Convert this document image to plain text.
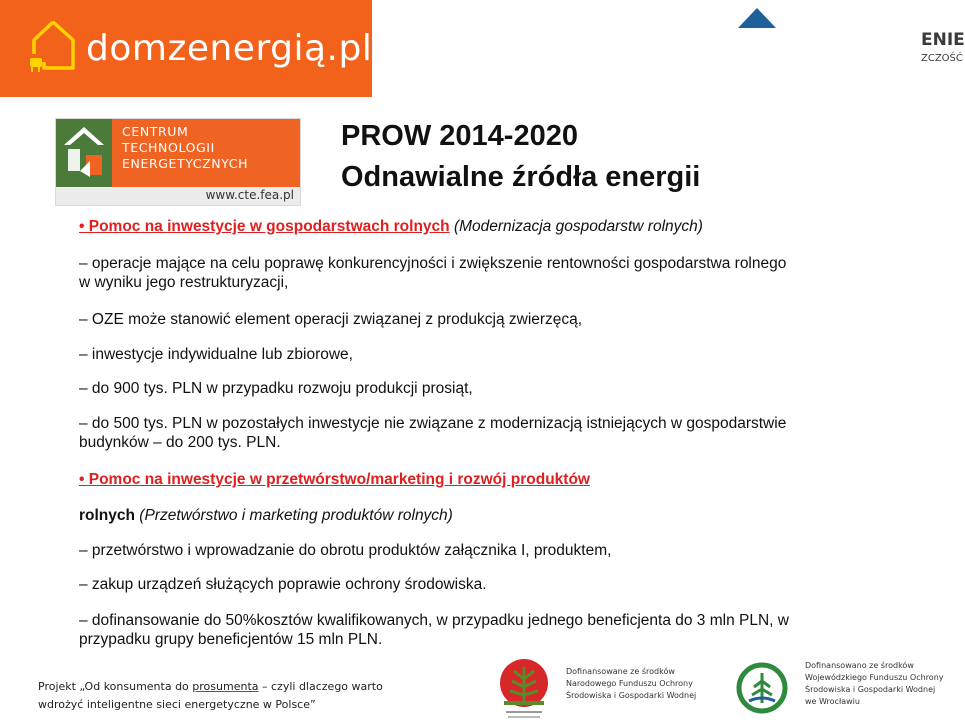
domzenergią.pl	ENIE
ZCZOŚĆ
CENTRUM
TECHNOLOGII
ENERGETYCZNYCH
www.cte.fea.pl
PROW 2014-2020
Odnawialne źródła energii
• Pomoc na inwestycje w gospodarstwach rolnych (Modernizacja gospodarstw rolnych)
– operacje mające na celu poprawę konkurencyjności i zwiększenie rentowności gospodarstwa rolnego
w wyniku jego restrukturyzacji,
– OZE może stanowić element operacji związanej z produkcją zwierzęcą,
– inwestycje indywidualne lub zbiorowe,
– do 900 tys. PLN w przypadku rozwoju produkcji prosiąt,
– do 500 tys. PLN w pozostałych inwestycje nie związane z modernizacją istniejących w gospodarstwie
budynków – do 200 tys. PLN.
• Pomoc na inwestycje w przetwórstwo/marketing i rozwój produktów
rolnych (Przetwórstwo i marketing produktów rolnych)
– przetwórstwo i wprowadzanie do obrotu produktów załącznika I, produktem,
– zakup urządzeń służących poprawie ochrony środowiska.
– dofinansowanie do 50%kosztów kwalifikowanych, w przypadku jednego beneficjenta do 3 mln PLN, w
przypadku grupy beneficjentów 15 mln PLN.
Projekt „Od konsumenta do prosumenta – czyli dlaczego warto
wdrożyć inteligentne sieci energetyczne w Polsce”
Dofinansowane ze środków
Narodowego Funduszu Ochrony
Środowiska i Gospodarki Wodnej
Dofinansowano ze środków
Wojewódzkiego Funduszu Ochrony
Środowiska i Gospodarki Wodnej
we Wrocławiu
